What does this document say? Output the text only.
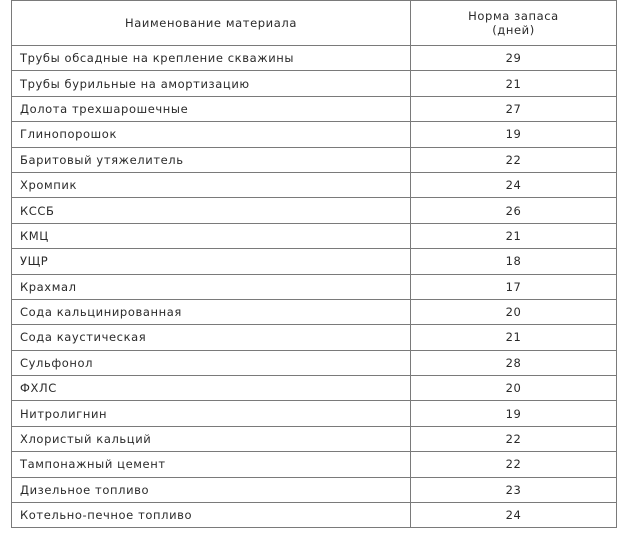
Наименование материала	Норма запаса
(дней)

Трубы обсадные на крепление скважины	29
Трубы бурильные на амортизацию	21
Долота трехшарошечные	27
Глинопорошок	19
Баритовый утяжелитель	22
Хромпик	24
КССБ	26
КМЦ	21
УЩР	18
Крахмал	17
Сода кальцинированная	20
Сода каустическая	21
Сульфонол	28
ФХЛС	20
Нитролигнин	19
Хлористый кальций	22
Тампонажный цемент	22
Дизельное топливо	23
Котельно-печное топливо	24
